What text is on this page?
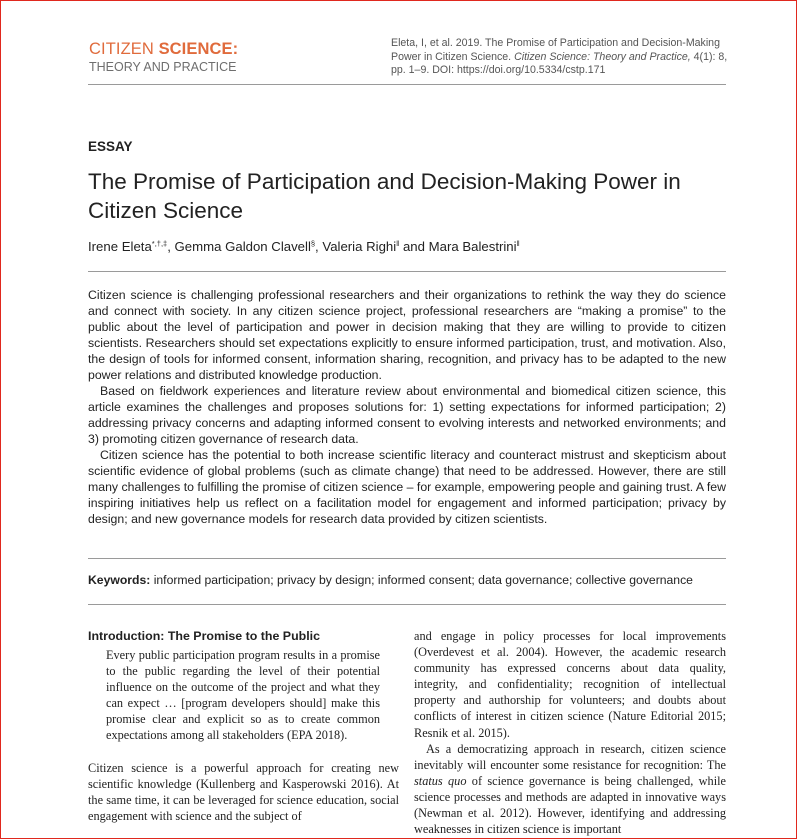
CITIZEN SCIENCE:
THEORY AND PRACTICE
Eleta, I, et al. 2019. The Promise of Participation and Decision-Making Power in Citizen Science. Citizen Science: Theory and Practice, 4(1): 8, pp. 1–9. DOI: https://doi.org/10.5334/cstp.171
ESSAY
The Promise of Participation and Decision-Making Power in Citizen Science
Irene Eleta*,†,‡, Gemma Galdon Clavell§, Valeria Righi‖ and Mara Balestrini‖

Citizen science is challenging professional researchers and their organizations to rethink the way they do science and connect with society. In any citizen science project, professional researchers are “making a promise” to the public about the level of participation and power in decision making that they are willing to provide to citizen scientists. Researchers should set expectations explicitly to ensure informed participation, trust, and motivation. Also, the design of tools for informed consent, information sharing, recognition, and privacy has to be adapted to the new power relations and distributed knowledge production.

Based on fieldwork experiences and literature review about environmental and biomedical citizen science, this article examines the challenges and proposes solutions for: 1) setting expectations for informed participation; 2) addressing privacy concerns and adapting informed consent to evolving interests and networked environments; and 3) promoting citizen governance of research data.

Citizen science has the potential to both increase scientific literacy and counteract mistrust and skepticism about scientific evidence of global problems (such as climate change) that need to be addressed. However, there are still many challenges to fulfilling the promise of citizen science – for example, empowering people and gaining trust. A few inspiring initiatives help us reflect on a facilitation model for engagement and informed participation; privacy by design; and new governance models for research data provided by citizen scientists.

Keywords: informed participation; privacy by design; informed consent; data governance; collective governance
Introduction: The Promise to the Public
Every public participation program results in a promise to the public regarding the level of their potential influence on the outcome of the project and what they can expect … [program developers should] make this promise clear and explicit so as to create common expectations among all stakeholders (EPA 2018).
Citizen science is a powerful approach for creating new scientific knowledge (Kullenberg and Kasperowski 2016). At the same time, it can be leveraged for science education, social engagement with science and the subject of

and engage in policy processes for local improvements (Overdevest et al. 2004). However, the academic research community has expressed concerns about data quality, integrity, and confidentiality; recognition of intellectual property and authorship for volunteers; and doubts about conflicts of interest in citizen science (Nature Editorial 2015; Resnik et al. 2015).

As a democratizing approach in research, citizen science inevitably will encounter some resistance for recognition: The status quo of science governance is being challenged, while science processes and methods are adapted in innovative ways (Newman et al. 2012). However, identifying and addressing weaknesses in citizen science is important
